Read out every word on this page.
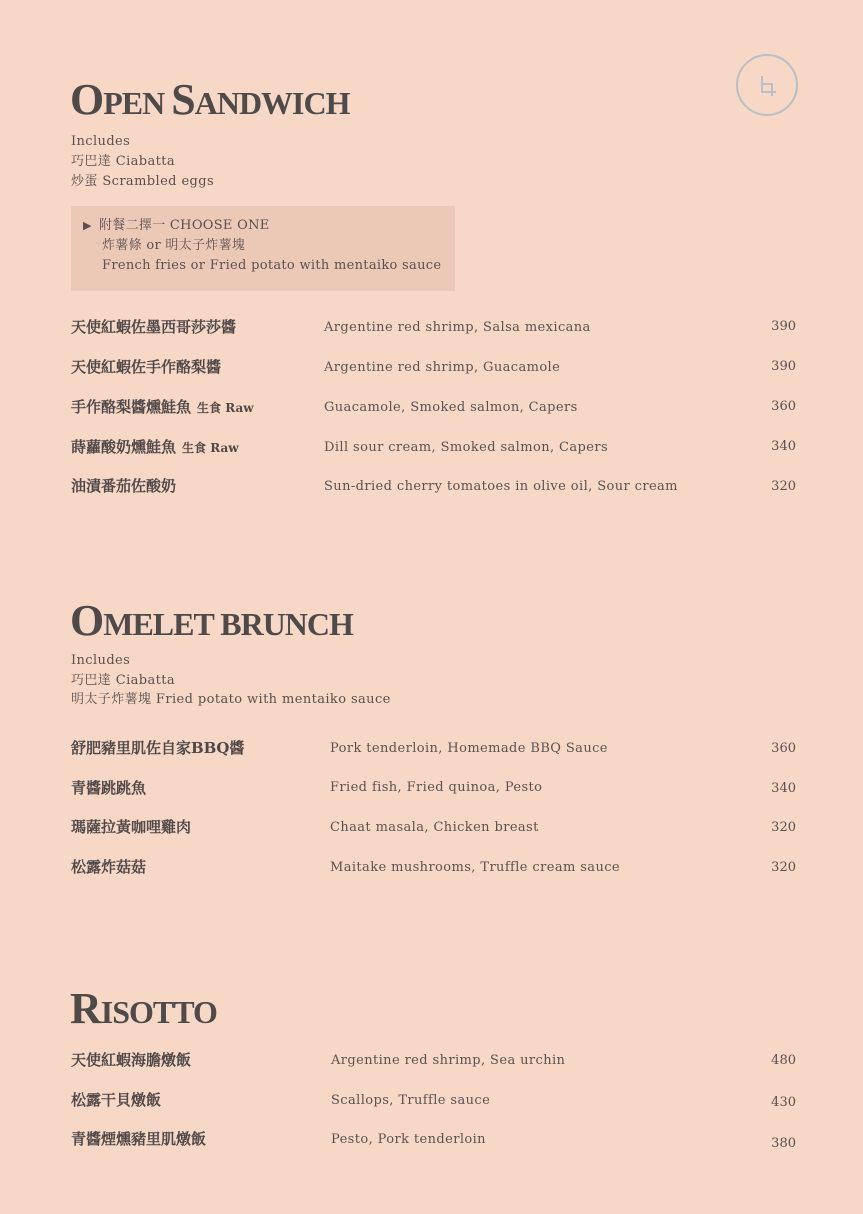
OPEN SANDWICH
Includes
巧巴達 Ciabatta
炒蛋 Scrambled eggs
▶ 附餐二擇一 CHOOSE ONE
炸薯條 or 明太子炸薯塊
French fries or Fried potato with mentaiko sauce
天使紅蝦佐墨西哥莎莎醬	Argentine red shrimp, Salsa mexicana	390
天使紅蝦佐手作酪梨醬	Argentine red shrimp, Guacamole	390
手作酪梨醬燻鮭魚 生食 Raw	Guacamole, Smoked salmon, Capers	360
蒔蘿酸奶燻鮭魚 生食 Raw	Dill sour cream, Smoked salmon, Capers	340
油漬番茄佐酸奶	Sun-dried cherry tomatoes in olive oil, Sour cream	320
OMELET BRUNCH
Includes
巧巴達 Ciabatta
明太子炸薯塊 Fried potato with mentaiko sauce
舒肥豬里肌佐自家BBQ醬	Pork tenderloin, Homemade BBQ Sauce	360
青醬跳跳魚	Fried fish, Fried quinoa, Pesto	340
瑪薩拉黃咖哩雞肉	Chaat masala, Chicken breast	320
松露炸菇菇	Maitake mushrooms, Truffle cream sauce	320
RISOTTO
天使紅蝦海膽燉飯	Argentine red shrimp, Sea urchin	480
松露干貝燉飯	Scallops, Truffle sauce	430
青醬煙燻豬里肌燉飯	Pesto, Pork tenderloin	380
